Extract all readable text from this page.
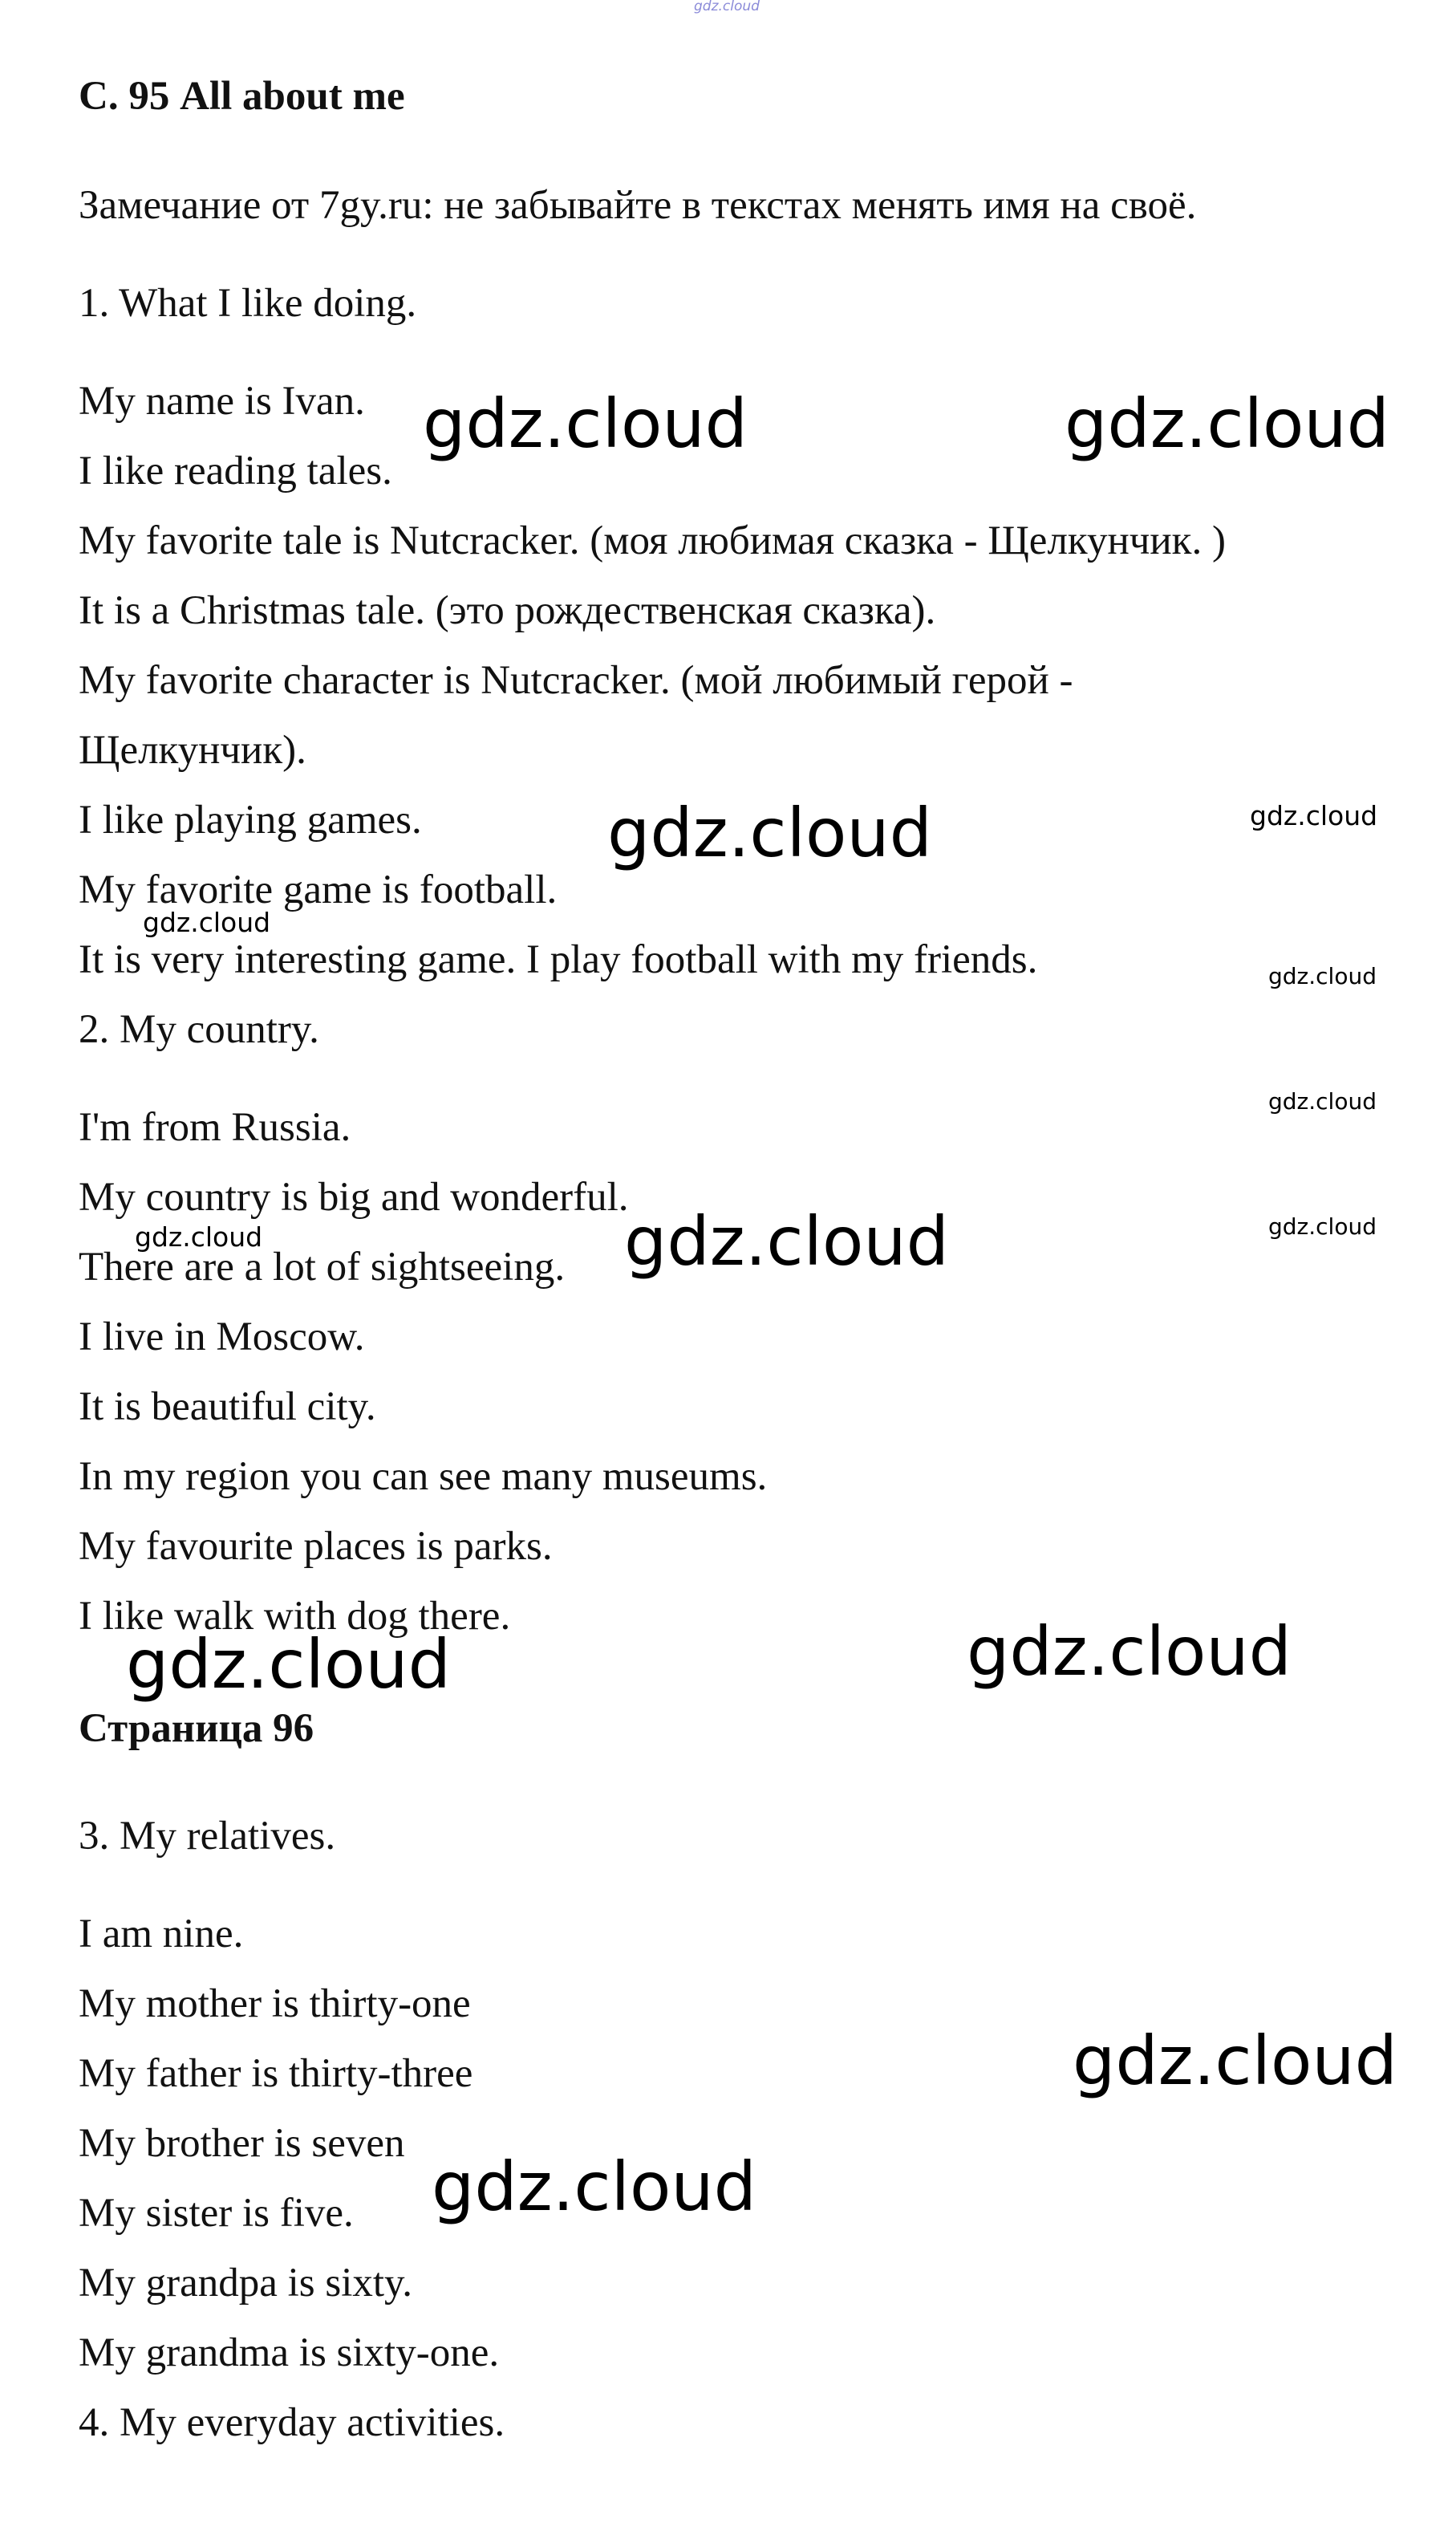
gdz.cloud

С. 95 All about me

Замечание от 7gy.ru: не забывайте в текстах менять имя на своё.

1. What I like doing.

My name is Ivan.

I like reading tales.

My favorite tale is Nutcracker. (моя любимая сказка - Щелкунчик. )

It is a Christmas tale. (это рождественская сказка).

My favorite character is Nutcracker. (мой любимый герой -

Щелкунчик).

I like playing games.

My favorite game is football.

It is very interesting game. I play football with my friends.

2. My country.

I'm from Russia.

My country is big and wonderful.

There are a lot of sightseeing.

I live in Moscow.

It is beautiful city.

In my region you can see many museums.

My favourite places is parks.

I like walk with dog there.

Страница 96

3. My relatives.

I am nine.

My mother is thirty-one

My father is thirty-three

My brother is seven

My sister is five.

My grandpa is sixty.

My grandma is sixty-one.

4. My everyday activities.

gdz.cloud	gdz.cloud

gdz.cloud	gdz.cloud

gdz.cloud

gdz.cloud

gdz.cloud

gdz.cloud

gdz.cloud	gdz.cloud

gdz.cloud	gdz.cloud

gdz.cloud

gdz.cloud
